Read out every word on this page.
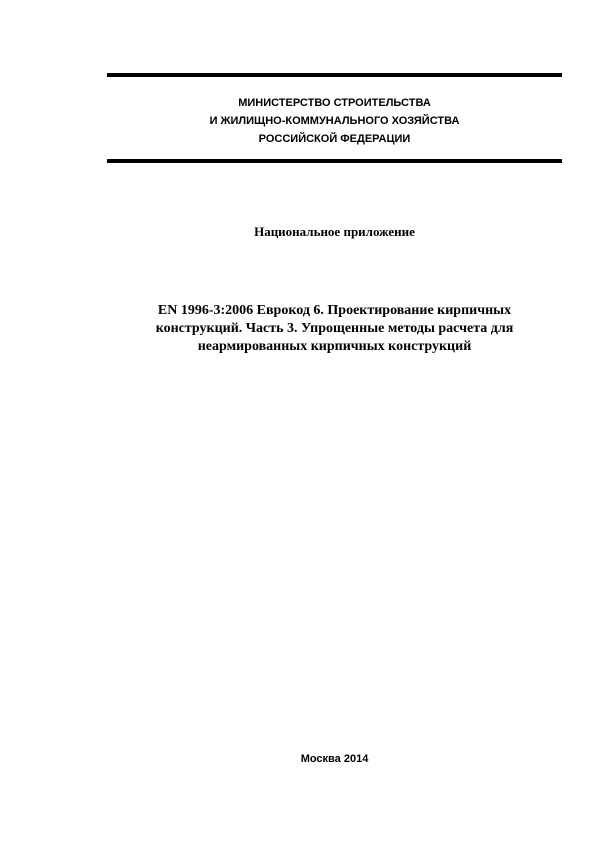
МИНИСТЕРСТВО СТРОИТЕЛЬСТВА
И ЖИЛИЩНО-КОММУНАЛЬНОГО ХОЗЯЙСТВА
РОССИЙСКОЙ ФЕДЕРАЦИИ
Национальное приложение
EN 1996-3:2006 Еврокод 6. Проектирование кирпичных
конструкций. Часть 3. Упрощенные методы расчета для
неармированных кирпичных конструкций
Москва 2014
